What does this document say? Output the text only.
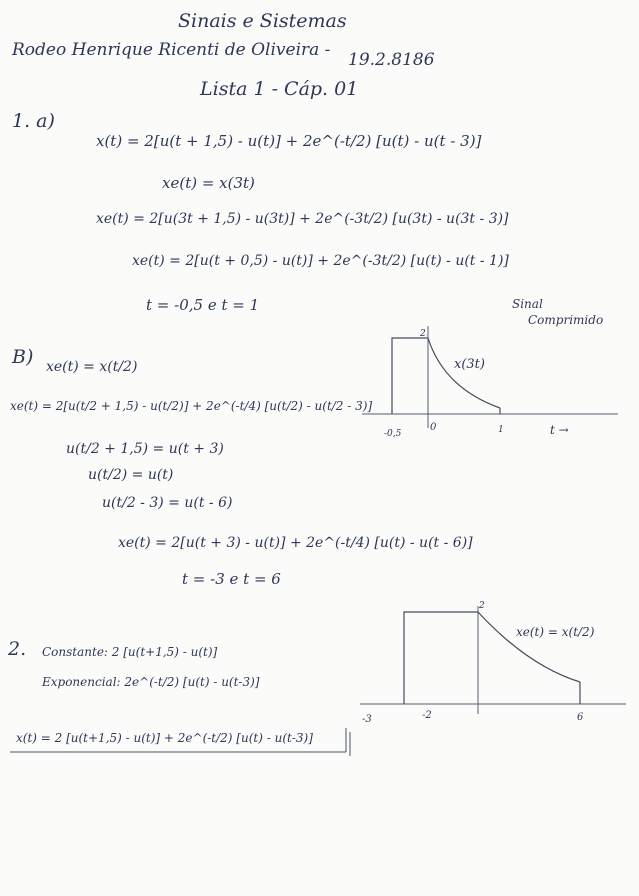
Sinais e Sistemas
Rodeo Henrique Ricenti de Oliveira - 19.2.8186
Lista 1 - Cáp. 01
1. a)
x(t) = 2[u(t + 1,5) - u(t)] + 2e^(-t/2) [u(t) - u(t - 3)]
xe(t) = x(3t)
xe(t) = 2[u(3t + 1,5) - u(3t)] + 2e^(-3t/2) [u(3t) - u(3t - 3)]
xe(t) = 2[u(t + 0,5) - u(t)] + 2e^(-3t/2) [u(t) - u(t - 1)]
t = -0,5 e t = 1	Sinal
Comprimido
B) xe(t) = x(t/2)
xe(t) = 2[u(t/2 + 1,5) - u(t/2)] + 2e^(-t/4) [u(t/2) - u(t/2 - 3)]
u(t/2 + 1,5) = u(t + 3)
u(t/2) = u(t)
u(t/2 - 3) = u(t - 6)
xe(t) = 2[u(t + 3) - u(t)] + 2e^(-t/4) [u(t) - u(t - 6)]
t = -3 e t = 6
2
x(3t)
-0,5
0	1	t →
2
xe(t) = x(t/2)
-3	-2	6
2. Constante: 2 [u(t+1,5) - u(t)]
Exponencial: 2e^(-t/2) [u(t) - u(t-3)]
x(t) = 2 [u(t+1,5) - u(t)] + 2e^(-t/2) [u(t) - u(t-3)]
